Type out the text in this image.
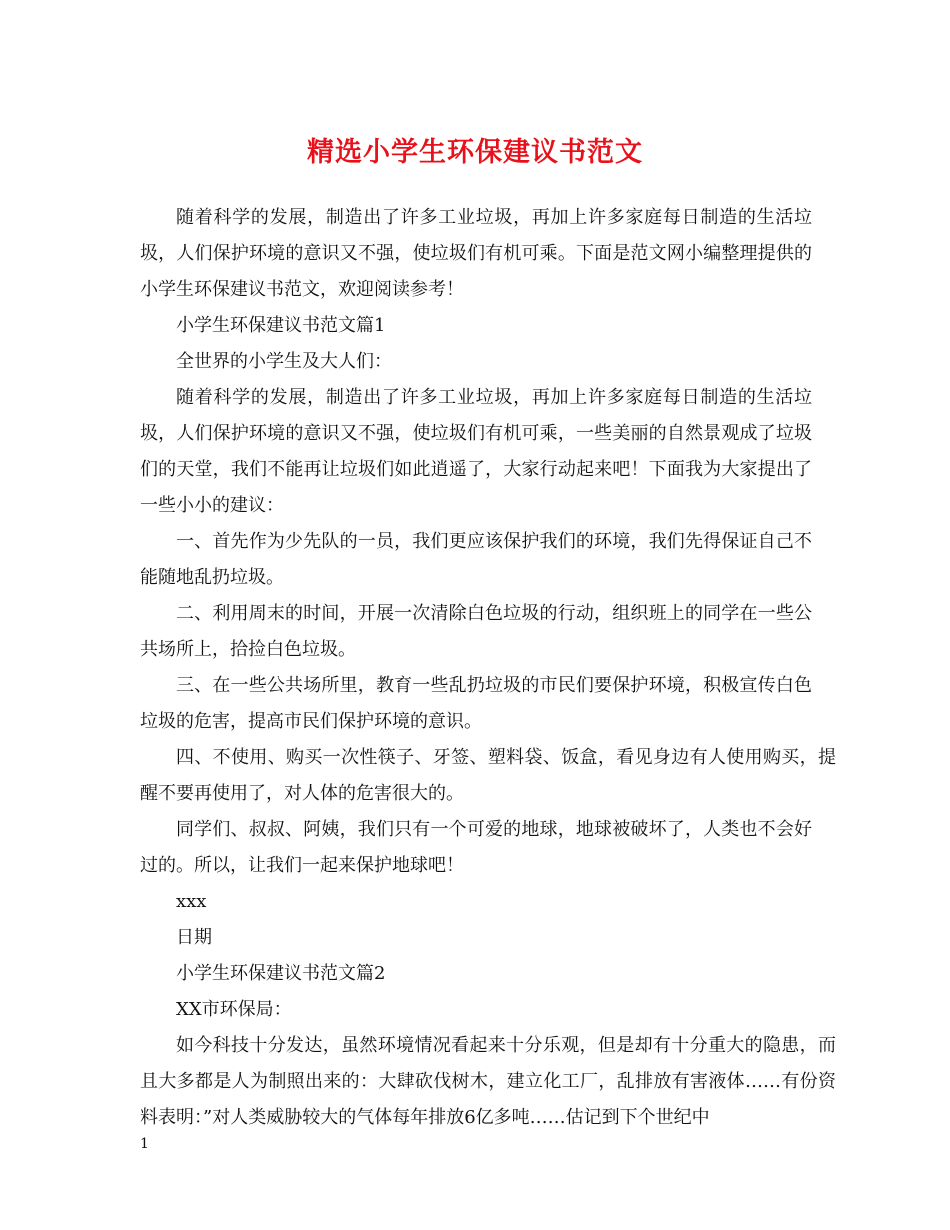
精选小学生环保建议书范文

随着科学的发展，制造出了许多工业垃圾，再加上许多家庭每日制造的生活垃圾，人们保护环境的意识又不强，使垃圾们有机可乘。下面是范文网小编整理提供的小学生环保建议书范文，欢迎阅读参考！

小学生环保建议书范文篇1

全世界的小学生及大人们：

随着科学的发展，制造出了许多工业垃圾，再加上许多家庭每日制造的生活垃圾，人们保护环境的意识又不强，使垃圾们有机可乘，一些美丽的自然景观成了垃圾们的天堂，我们不能再让垃圾们如此逍遥了，大家行动起来吧！下面我为大家提出了一些小小的建议：

一、首先作为少先队的一员，我们更应该保护我们的环境，我们先得保证自己不能随地乱扔垃圾。

二、利用周末的时间，开展一次清除白色垃圾的行动，组织班上的同学在一些公共场所上，拾捡白色垃圾。

三、在一些公共场所里，教育一些乱扔垃圾的市民们要保护环境，积极宣传白色垃圾的危害，提高市民们保护环境的意识。

四、不使用、购买一次性筷子、牙签、塑料袋、饭盒，看见身边有人使用购买，提醒不要再使用了，对人体的危害很大的。

同学们、叔叔、阿姨，我们只有一个可爱的地球，地球被破坏了，人类也不会好过的。所以，让我们一起来保护地球吧！

xxx

日期

小学生环保建议书范文篇2

XX市环保局：

如今科技十分发达，虽然环境情况看起来十分乐观，但是却有十分重大的隐患，而且大多都是人为制照出来的：大肆砍伐树木，建立化工厂，乱排放有害液体……有份资料表明：”对人类威胁较大的气体每年排放6亿多吨……估记到下个世纪中

1
